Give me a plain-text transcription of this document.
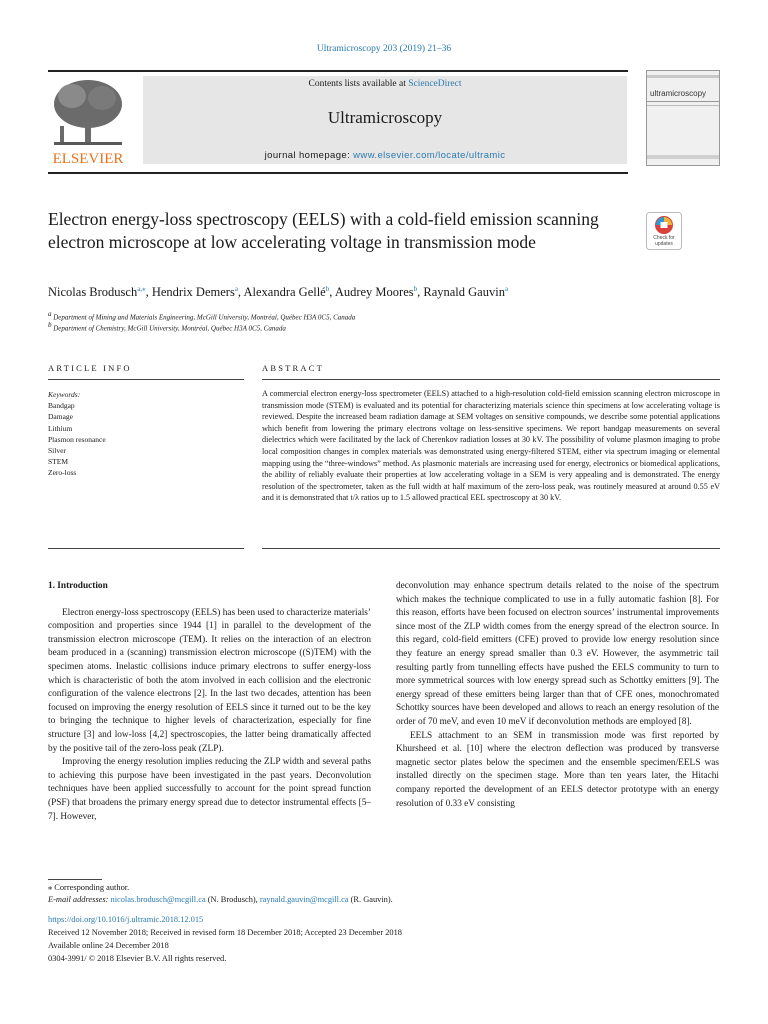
Ultramicroscopy 203 (2019) 21–36
ELSEVIER
Contents lists available at ScienceDirect
Ultramicroscopy
journal homepage: www.elsevier.com/locate/ultramic
ultramicroscopy
Electron energy-loss spectroscopy (EELS) with a cold-field emission scanning electron microscope at low accelerating voltage in transmission mode	Check for updates
Nicolas Brodusch$^{a,⁎}$, Hendrix Demers$^a$, Alexandra Gellé$^b$, Audrey Moores$^b$, Raynald Gauvin$^a$
$^a$ Department of Mining and Materials Engineering, McGill University, Montréal, Québec H3A 0C5, Canada
$^b$ Department of Chemistry, McGill University, Montréal, Québec H3A 0C5, Canada
ARTICLE INFO	ABSTRACT
Keywords:
Bandgap
Damage
Lithium
Plasmon resonance
Silver
STEM
Zero-loss
A commercial electron energy-loss spectrometer (EELS) attached to a high-resolution cold-field emission scanning electron microscope in transmission mode (STEM) is evaluated and its potential for characterizing materials science thin specimens at low accelerating voltage is reviewed. Despite the increased beam radiation damage at SEM voltages on sensitive compounds, we describe some potential applications which benefit from lowering the primary electrons voltage on less-sensitive specimens. We report bandgap measurements on several dielectrics which were facilitated by the lack of Cherenkov radiation losses at 30 kV. The possibility of volume plasmon imaging to probe local composition changes in complex materials was demonstrated using energy-filtered STEM, either via spectrum imaging or elemental mapping using the “three-windows” method. As plasmonic materials are increasing used for energy, electronics or biomedical applications, the ability of reliably evaluate their properties at low accelerating voltage in a SEM is very appealing and is demonstrated. The energy resolution of the spectrometer, taken as the full width at half maximum of the zero-loss peak, was routinely measured at around 0.55 eV and it is demonstrated that t/λ ratios up to 1.5 allowed practical EEL spectroscopy at 30 kV.
1. Introduction

Electron energy-loss spectroscopy (EELS) has been used to characterize materials’ composition and properties since 1944 [1] in parallel to the development of the transmission electron microscope (TEM). It relies on the interaction of an electron beam produced in a (scanning) transmission electron microscope ((S)TEM) with the specimen atoms. Inelastic collisions induce primary electrons to suffer energy-loss which is characteristic of both the atom involved in each collision and the electronic configuration of the valence electrons [2]. In the last two decades, attention has been focused on improving the energy resolution of EELS since it turned out to be the key to bringing the technique to higher levels of characterization, especially for fine structure [3] and low-loss [4,2] spectroscopies, the latter being dramatically affected by the positive tail of the zero-loss peak (ZLP).

Improving the energy resolution implies reducing the ZLP width and several paths to achieving this purpose have been investigated in the past years. Deconvolution techniques have been applied successfully to account for the point spread function (PSF) that broadens the primary energy spread due to detector instrumental effects [5–7]. However,

deconvolution may enhance spectrum details related to the noise of the spectrum which makes the technique complicated to use in a fully automatic fashion [8]. For this reason, efforts have been focused on electron sources’ instrumental improvements since most of the ZLP width comes from the energy spread of the electron source. In this regard, cold-field emitters (CFE) proved to provide low energy resolution since they feature an energy spread smaller than 0.3 eV. However, the asymmetric tail resulting partly from tunnelling effects have pushed the EELS community to turn to more symmetrical sources with low energy spread such as Schottky emitters [9]. The energy spread of these emitters being larger than that of CFE ones, monochromated Schottky sources have been developed and allows to reach an energy resolution of the order of 70 meV, and even 10 meV if deconvolution methods are employed [8].

EELS attachment to an SEM in transmission mode was first reported by Khursheed et al. [10] where the electron deflection was produced by transverse magnetic sector plates below the specimen and the ensemble specimen/EELS was installed directly on the specimen stage. More than ten years later, the Hitachi company reported the development of an EELS detector prototype with an energy resolution of 0.33 eV consisting

⁎ Corresponding author.
E-mail addresses: nicolas.brodusch@mcgill.ca (N. Brodusch), raynald.gauvin@mcgill.ca (R. Gauvin).
https://doi.org/10.1016/j.ultramic.2018.12.015
Received 12 November 2018; Received in revised form 18 December 2018; Accepted 23 December 2018
Available online 24 December 2018
0304-3991/ © 2018 Elsevier B.V. All rights reserved.
